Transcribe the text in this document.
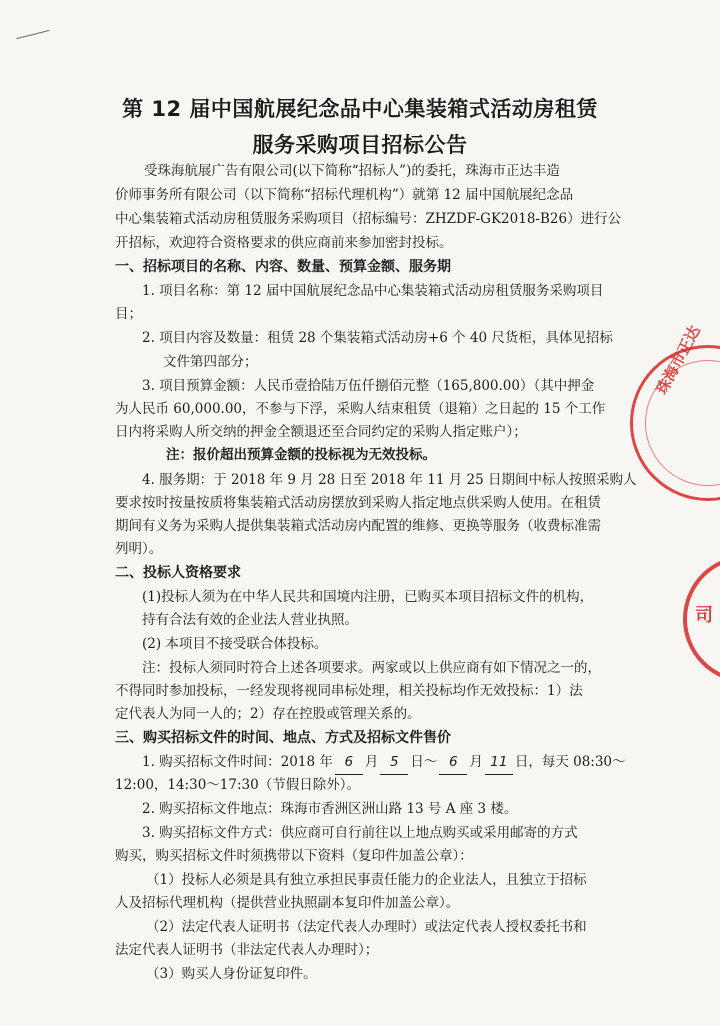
第 12 届中国航展纪念品中心集装箱式活动房租赁
服务采购项目招标公告

受珠海航展广告有限公司(以下简称“招标人”)的委托，珠海市正达丰造

价师事务所有限公司（以下简称“招标代理机构”）就第 12 届中国航展纪念品

中心集装箱式活动房租赁服务采购项目（招标编号：ZHZDF-GK2018-B26）进行公

开招标，欢迎符合资格要求的供应商前来参加密封投标。

一、招标项目的名称、内容、数量、预算金额、服务期

1. 项目名称：第 12 届中国航展纪念品中心集装箱式活动房租赁服务采购项目

目；

2. 项目内容及数量：租赁 28 个集装箱式活动房+6 个 40 尺货柜，具体见招标

文件第四部分；

3. 项目预算金额：人民币壹拾陆万伍仟捌佰元整（165,800.00）（其中押金

为人民币 60,000.00，不参与下浮，采购人结束租赁（退箱）之日起的 15 个工作

日内将采购人所交纳的押金全额退还至合同约定的采购人指定账户）；

注：报价超出预算金额的投标视为无效投标。

4. 服务期：于 2018 年 9 月 28 日至 2018 年 11 月 25 日期间中标人按照采购人

要求按时按量按质将集装箱式活动房摆放到采购人指定地点供采购人使用。在租赁

期间有义务为采购人提供集装箱式活动房内配置的维修、更换等服务（收费标准需

列明）。

二、投标人资格要求

(1)投标人须为在中华人民共和国境内注册，已购买本项目招标文件的机构，

持有合法有效的企业法人营业执照。

(2) 本项目不接受联合体投标。

注：投标人须同时符合上述各项要求。两家或以上供应商有如下情况之一的，

不得同时参加投标，一经发现将视同串标处理，相关投标均作无效投标：1）法

定代表人为同一人的；2）存在控股或管理关系的。

三、购买招标文件的时间、地点、方式及招标文件售价

1. 购买招标文件时间：2018 年 6 月 5 日～ 6 月 11 日，每天 08:30～

12:00，14:30～17:30（节假日除外）。

2. 购买招标文件地点：珠海市香洲区洲山路 13 号 A 座 3 楼。

3. 购买招标文件方式：供应商可自行前往以上地点购买或采用邮寄的方式

购买，购买招标文件时须携带以下资料（复印件加盖公章）：

（1）投标人必须是具有独立承担民事责任能力的企业法人，且独立于招标

人及招标代理机构（提供营业执照副本复印件加盖公章）。

（2）法定代表人证明书（法定代表人办理时）或法定代表人授权委托书和

法定代表人证明书（非法定代表人办理时）；

（3）购买人身份证复印件。

珠海市正达
司
